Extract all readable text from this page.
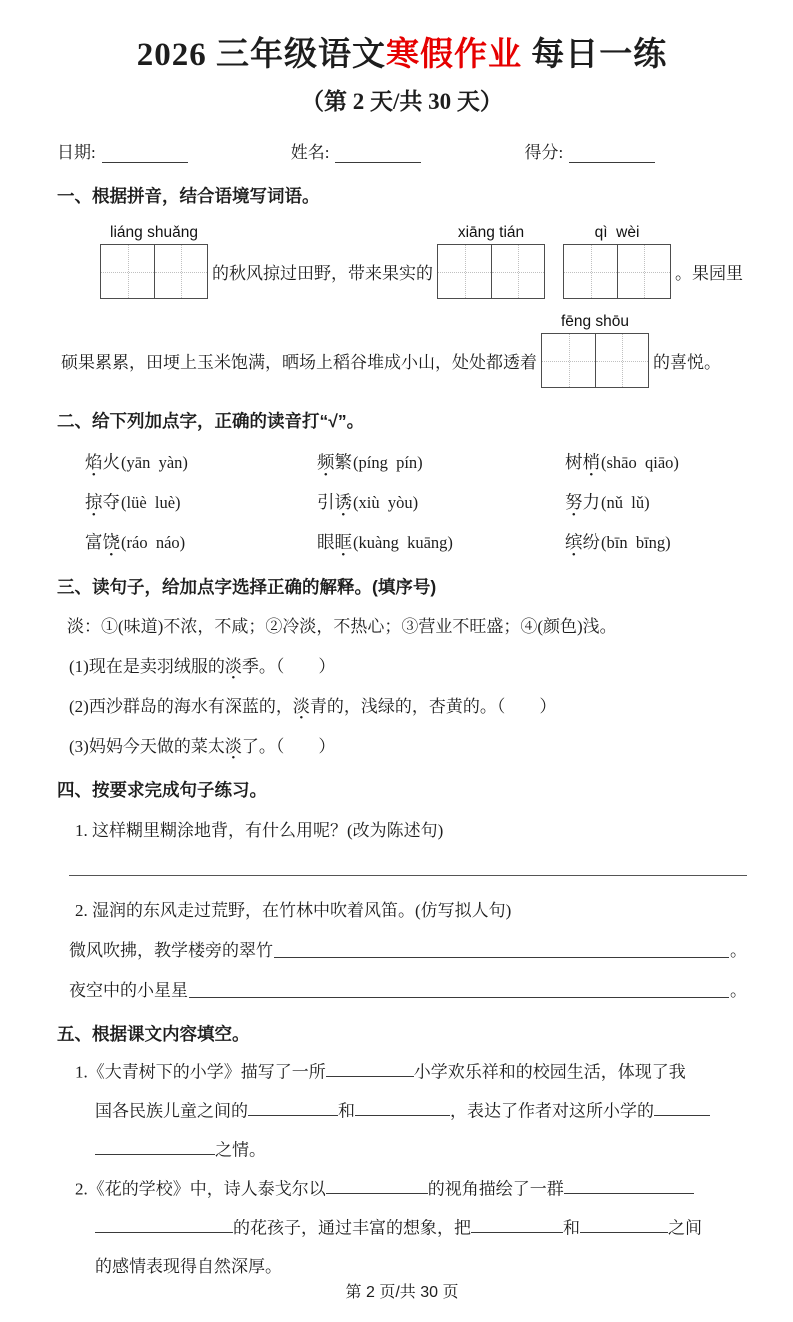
2026 三年级语文寒假作业 每日一练
（第 2 天/共 30 天）
日期:	姓名:	得分:
一、根据拼音，结合语境写词语。
liáng shuǎng
的秋风掠过田野，带来果实的
xiāng tián	qì  wèi
。果园里
硕果累累，田埂上玉米饱满，晒场上稻谷堆成小山，处处都透着
fēng shōu
的喜悦。
二、给下列加点字，正确的读音打“√”。
焰火(yān  yàn)	频繁(píng  pín)	树梢(shāo  qiāo)
掠夺(lüè  luè)	引诱(xiù  yòu)	努力(nǔ  lǔ)
富饶(ráo  náo)	眼眶(kuàng  kuāng)	缤纷(bīn  bīng)
三、读句子，给加点字选择正确的解释。(填序号)
淡：①(味道)不浓，不咸；②冷淡，不热心；③营业不旺盛；④(颜色)浅。
(1)现在是卖羽绒服的淡季。（　　）
(2)西沙群岛的海水有深蓝的，淡青的，浅绿的，杏黄的。（　　）
(3)妈妈今天做的菜太淡了。（　　）
四、按要求完成句子练习。
1. 这样糊里糊涂地背，有什么用呢？(改为陈述句)
2. 湿润的东风走过荒野，在竹林中吹着风笛。(仿写拟人句)
微风吹拂，教学楼旁的翠竹	。
夜空中的小星星	。
五、根据课文内容填空。
1.《大青树下的小学》描写了一所	小学欢乐祥和的校园生活，体现了我
国各民族儿童之间的	和	，表达了作者对这所小学的
之情。
2.《花的学校》中，诗人泰戈尔以	的视角描绘了一群
的花孩子，通过丰富的想象，把	和	之间
的感情表现得自然深厚。
第 2 页/共 30 页
